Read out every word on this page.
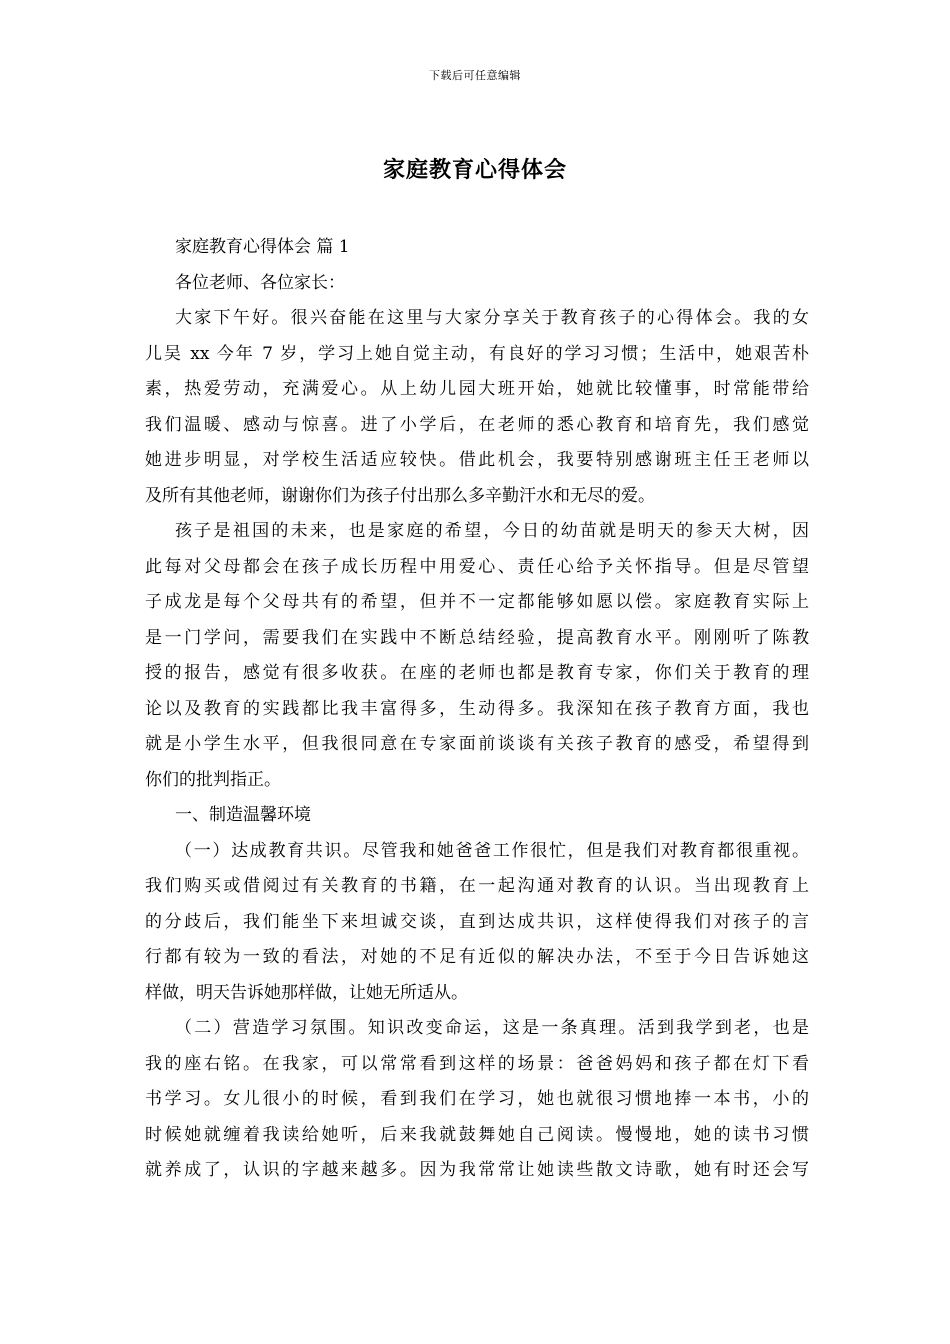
下载后可任意编辑
家庭教育心得体会
家庭教育心得体会 篇 1
各位老师、各位家长：
大家下午好。很兴奋能在这里与大家分享关于教育孩子的心得体会。我的女
儿吴 xx 今年 7 岁，学习上她自觉主动，有良好的学习习惯；生活中，她艰苦朴
素，热爱劳动，充满爱心。从上幼儿园大班开始，她就比较懂事，时常能带给
我们温暖、感动与惊喜。进了小学后，在老师的悉心教育和培育先，我们感觉
她进步明显，对学校生活适应较快。借此机会，我要特别感谢班主任王老师以
及所有其他老师，谢谢你们为孩子付出那么多辛勤汗水和无尽的爱。
孩子是祖国的未来，也是家庭的希望，今日的幼苗就是明天的参天大树，因
此每对父母都会在孩子成长历程中用爱心、责任心给予关怀指导。但是尽管望
子成龙是每个父母共有的希望，但并不一定都能够如愿以偿。家庭教育实际上
是一门学问，需要我们在实践中不断总结经验，提高教育水平。刚刚听了陈教
授的报告，感觉有很多收获。在座的老师也都是教育专家，你们关于教育的理
论以及教育的实践都比我丰富得多，生动得多。我深知在孩子教育方面，我也
就是小学生水平，但我很同意在专家面前谈谈有关孩子教育的感受，希望得到
你们的批判指正。
一、制造温馨环境
（一）达成教育共识。尽管我和她爸爸工作很忙，但是我们对教育都很重视。
我们购买或借阅过有关教育的书籍，在一起沟通对教育的认识。当出现教育上
的分歧后，我们能坐下来坦诚交谈，直到达成共识，这样使得我们对孩子的言
行都有较为一致的看法，对她的不足有近似的解决办法，不至于今日告诉她这
样做，明天告诉她那样做，让她无所适从。
（二）营造学习氛围。知识改变命运，这是一条真理。活到我学到老，也是
我的座右铭。在我家，可以常常看到这样的场景：爸爸妈妈和孩子都在灯下看
书学习。女儿很小的时候，看到我们在学习，她也就很习惯地捧一本书，小的
时候她就缠着我读给她听，后来我就鼓舞她自己阅读。慢慢地，她的读书习惯
就养成了，认识的字越来越多。因为我常常让她读些散文诗歌，她有时还会写
